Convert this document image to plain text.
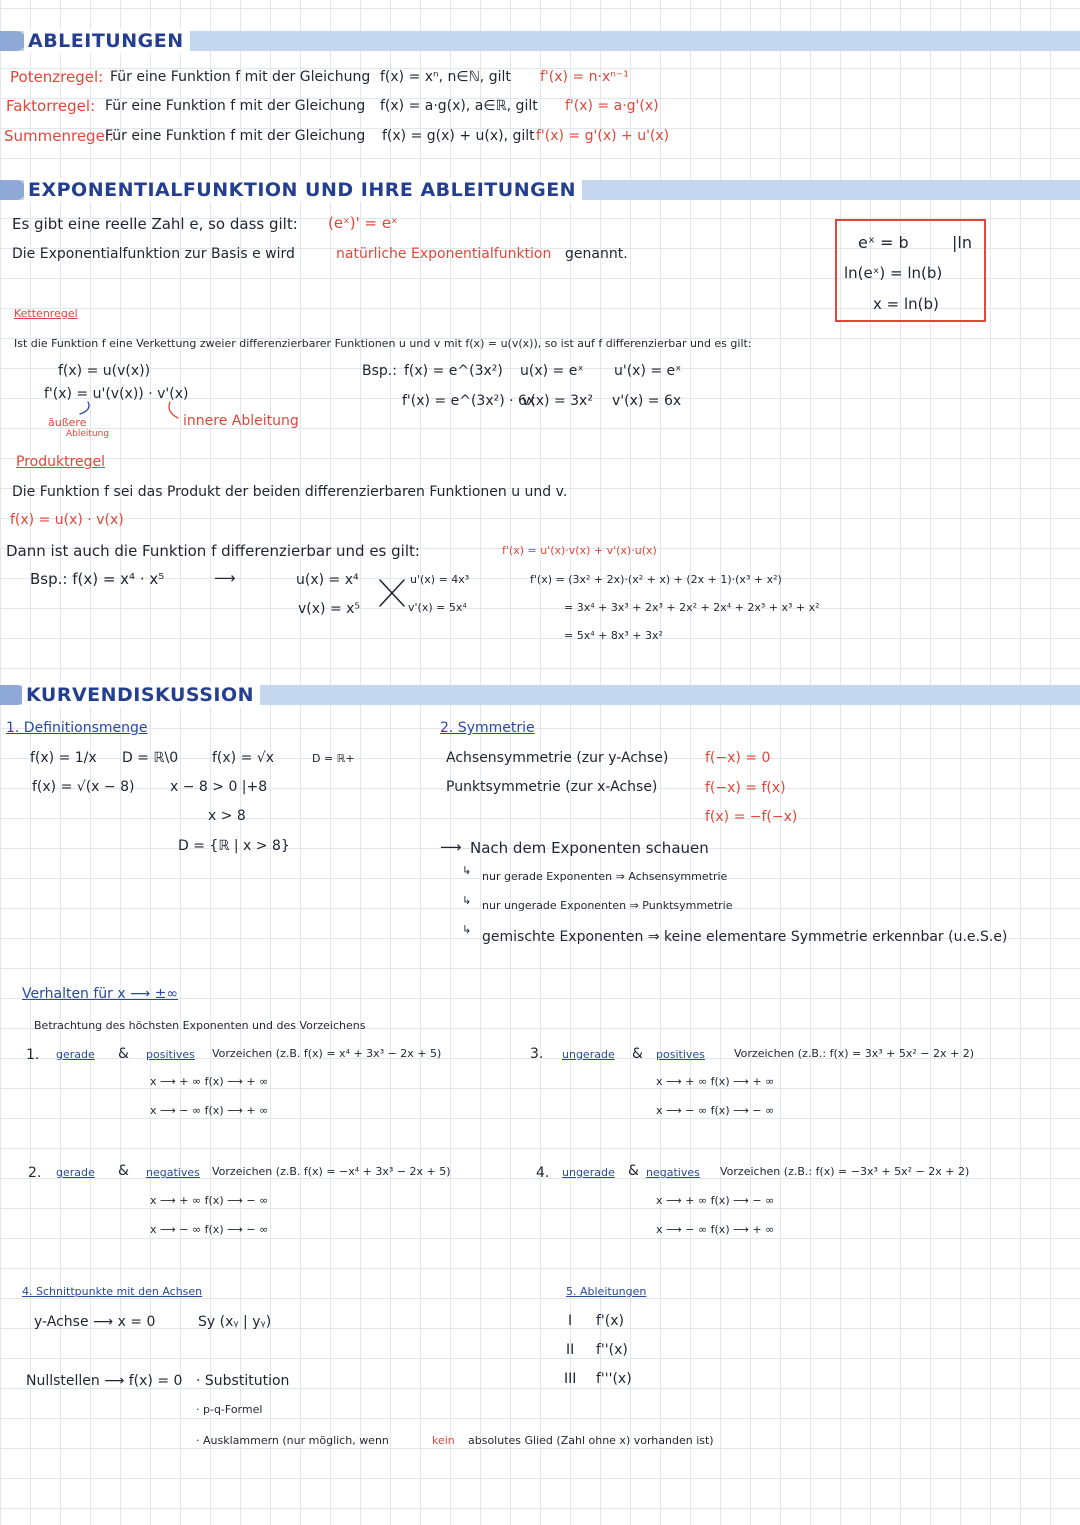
ABLEITUNGEN
Potenzregel: Für eine Funktion f mit der Gleichung f(x) = xⁿ, n∈ℕ, gilt f'(x) = n·xⁿ⁻¹
Faktorregel: Für eine Funktion f mit der Gleichung f(x) = a·g(x), a∈ℝ, gilt f'(x) = a·g'(x)
Summenregel:
Für eine Funktion f mit der Gleichung f(x) = g(x) + u(x), gilt f'(x) = g'(x) + u'(x)
EXPONENTIALFUNKTION UND IHRE ABLEITUNGEN
Es gibt eine reelle Zahl e, so dass gilt: (eˣ)' = eˣ
Die Exponentialfunktion zur Basis e wird	natürliche Exponentialfunktion genannt.
eˣ = b	|ln
ln(eˣ) = ln(b)
x = ln(b)
Kettenregel
Ist die Funktion f eine Verkettung zweier differenzierbarer Funktionen u und v mit f(x) = u(v(x)), so ist auf f differenzierbar und es gilt:
f(x) = u(v(x))
f'(x) = u'(v(x)) · v'(x)
äußere
Ableitung
innere Ableitung
Bsp.: f(x) = e^(3x²)
f'(x) = e^(3x²) · 6x
u(x) = eˣ u'(x) = eˣ
v(x) = 3x² v'(x) = 6x
Produktregel
Die Funktion f sei das Produkt der beiden differenzierbaren Funktionen u und v.
f(x) = u(x) · v(x)
Dann ist auch die Funktion f differenzierbar und es gilt:	f'(x) = u'(x)·v(x) + v'(x)·u(x)
Bsp.: f(x) = x⁴ · x⁵	⟶	u(x) = x⁴
v(x) = x⁵
u'(x) = 4x³
v'(x) = 5x⁴
f'(x) = (3x² + 2x)·(x² + x) + (2x + 1)·(x³ + x²)
= 3x⁴ + 3x³ + 2x³ + 2x² + 2x⁴ + 2x³ + x³ + x²
= 5x⁴ + 8x³ + 3x²
KURVENDISKUSSION
1. Definitionsmenge
f(x) = 1/x D = ℝ\0 f(x) = √x	D = ℝ+
f(x) = √(x − 8)	x − 8 > 0 |+8
x > 8
D = {ℝ | x > 8}
2. Symmetrie
Achsensymmetrie (zur y-Achse)	f(−x) = 0
Punktsymmetrie (zur x-Achse)	f(−x) = f(x)
f(x) = −f(−x)
⟶ Nach dem Exponenten schauen
↳ nur gerade Exponenten ⇒ Achsensymmetrie
↳ nur ungerade Exponenten ⇒ Punktsymmetrie
↳ gemischte Exponenten ⇒ keine elementare Symmetrie erkennbar (u.e.S.e)
Verhalten für x ⟶ ±∞
Betrachtung des höchsten Exponenten und des Vorzeichens
1. gerade & positives Vorzeichen (z.B. f(x) = x⁴ + 3x³ − 2x + 5)
x ⟶ + ∞ f(x) ⟶ + ∞
x ⟶ − ∞ f(x) ⟶ + ∞
2. gerade & negatives Vorzeichen (z.B. f(x) = −x⁴ + 3x³ − 2x + 5)
x ⟶ + ∞ f(x) ⟶ − ∞
x ⟶ − ∞ f(x) ⟶ − ∞
3. ungerade & positives	Vorzeichen (z.B.: f(x) = 3x³ + 5x² − 2x + 2)
x ⟶ + ∞ f(x) ⟶ + ∞
x ⟶ − ∞ f(x) ⟶ − ∞
4. ungerade & negatives Vorzeichen (z.B.: f(x) = −3x³ + 5x² − 2x + 2)
x ⟶ + ∞ f(x) ⟶ − ∞
x ⟶ − ∞ f(x) ⟶ + ∞
4. Schnittpunkte mit den Achsen
y-Achse ⟶ x = 0	Sy (xᵧ | yᵧ)
Nullstellen ⟶ f(x) = 0 · Substitution
· p-q-Formel
· Ausklammern (nur möglich, wenn	kein absolutes Glied (Zahl ohne x) vorhanden ist)
5. Ableitungen
I f'(x)
II f''(x)
III f'''(x)
